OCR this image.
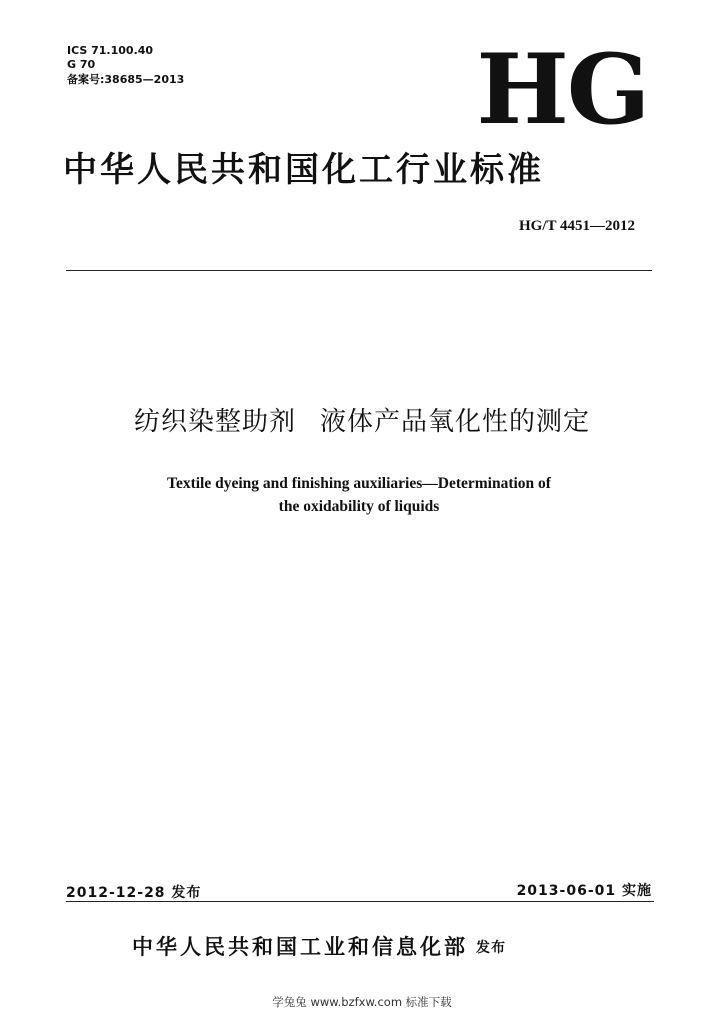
ICS 71.100.40
G 70
备案号:38685—2013	HG
中华人民共和国化工行业标准
HG/T 4451—2012
纺织染整助剂 液体产品氧化性的测定
Textile dyeing and finishing auxiliaries—Determination of
the oxidability of liquids
2012-12-28 发布	2013-06-01 实施
中华人民共和国工业和信息化部 发布
学兔兔 www.bzfxw.com 标准下载
